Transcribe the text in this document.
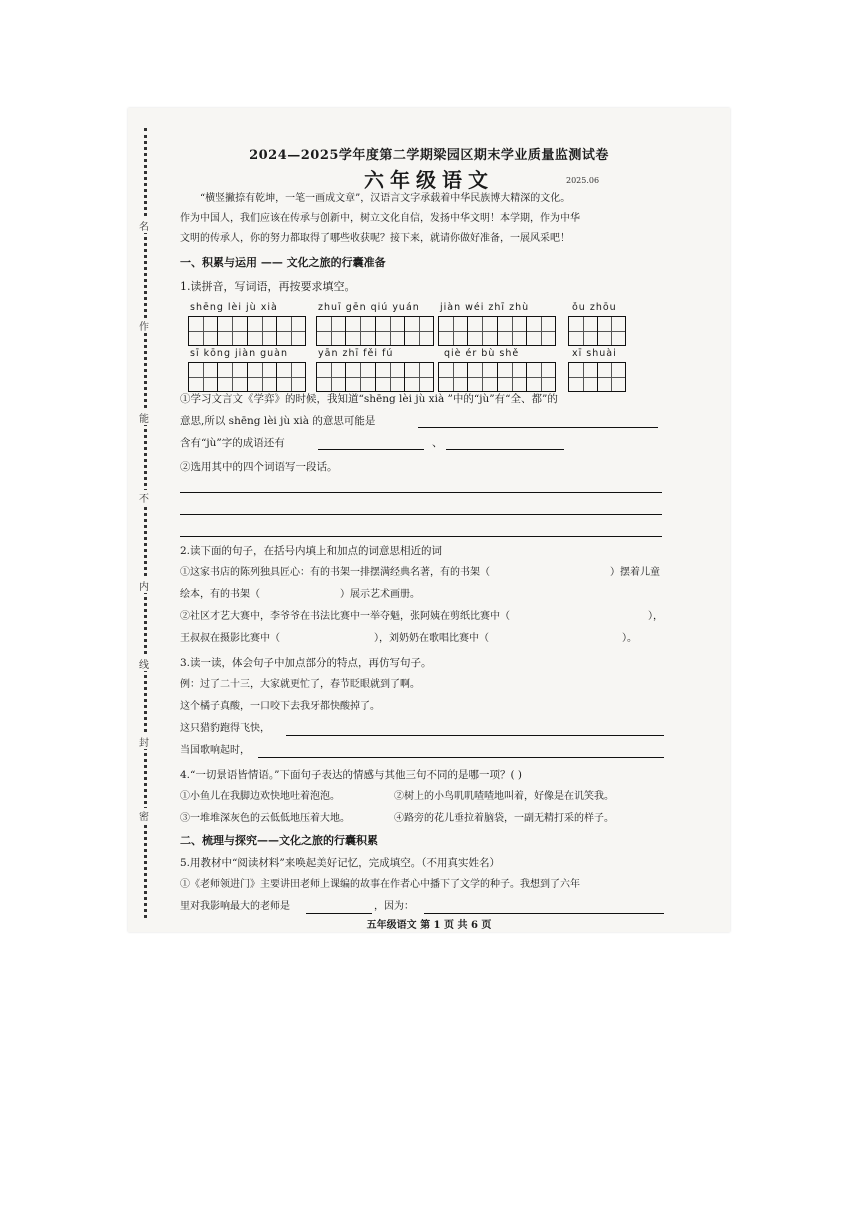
名
作
能
不
内
线
封
密
2024—2025学年度第二学期梁园区期末学业质量监测试卷
六年级语文	2025.06
“横竖撇捺有乾坤，一笔一画成文章”，汉语言文字承载着中华民族博大精深的文化。
作为中国人，我们应该在传承与创新中，树立文化自信，发扬中华文明！本学期，作为中华
文明的传承人，你的努力都取得了哪些收获呢？接下来，就请你做好准备，一展风采吧！
一、积累与运用 —— 文化之旅的行囊准备
1.读拼音，写词语，再按要求填空。
shēng lèi jù xià	zhuī gēn qiú yuán jiàn wéi zhī zhù	ǒu zhōu
sī kōng jiàn guàn	yān zhī fěi fú	qiè ér bù shě	xī shuài
①学习文言文《学弈》的时候，我知道“shēng lèi jù xià ”中的“jù”有“全、都”的
意思,所以 shēng lèi jù xià 的意思可能是
含有“jù”字的成语还有	、
②选用其中的四个词语写一段话。
2.读下面的句子，在括号内填上和加点的词意思相近的词
①这家书店的陈列独具匠心：有的书架一排摆满经典名著，有的书架（	）摆着儿童
绘本，有的书架（	）展示艺术画册。
②社区才艺大赛中，李爷爷在书法比赛中一举夺魁，张阿姨在剪纸比赛中（	），
王叔叔在摄影比赛中（	），刘奶奶在歌唱比赛中（	）。
3.读一读，体会句子中加点部分的特点，再仿写句子。
例：过了二十三，大家就更忙了，春节眨眼就到了啊。
这个橘子真酸，一口咬下去我牙都快酸掉了。
这只猎豹跑得飞快，
当国歌响起时，
4.“一切景语皆情语。”下面句子表达的情感与其他三句不同的是哪一项？( )
①小鱼儿在我脚边欢快地吐着泡泡。	②树上的小鸟叽叽喳喳地叫着，好像是在讥笑我。
③一堆堆深灰色的云低低地压着大地。	④路旁的花儿垂拉着脑袋，一副无精打采的样子。
二、梳理与探究——文化之旅的行囊积累
5.用教材中“阅读材料”来唤起美好记忆，完成填空。（不用真实姓名）
①《老师领进门》主要讲田老师上课编的故事在作者心中播下了文学的种子。我想到了六年
里对我影响最大的老师是	，因为：
五年级语文 第 1 页 共 6 页
